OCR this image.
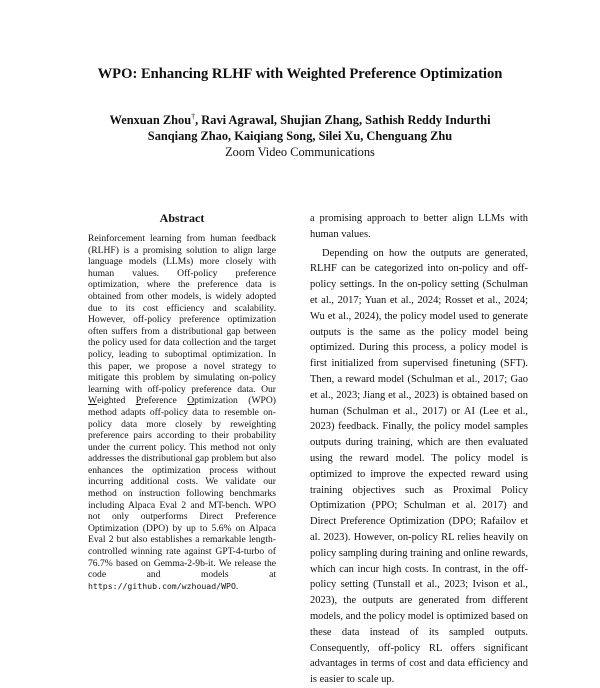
WPO: Enhancing RLHF with Weighted Preference Optimization
Wenxuan Zhou†, Ravi Agrawal, Shujian Zhang, Sathish Reddy Indurthi
Sanqiang Zhao, Kaiqiang Song, Silei Xu, Chenguang Zhu
Zoom Video Communications
Abstract

Reinforcement learning from human feedback (RLHF) is a promising solution to align large language models (LLMs) more closely with human values. Off-policy preference optimization, where the preference data is obtained from other models, is widely adopted due to its cost efficiency and scalability. However, off-policy preference optimization often suffers from a distributional gap between the policy used for data collection and the target policy, leading to suboptimal optimization. In this paper, we propose a novel strategy to mitigate this problem by simulating on-policy learning with off-policy preference data. Our Weighted Preference Optimization (WPO) method adapts off-policy data to resemble on-policy data more closely by reweighting preference pairs according to their probability under the current policy. This method not only addresses the distributional gap problem but also enhances the optimization process without incurring additional costs. We validate our method on instruction following benchmarks including Alpaca Eval 2 and MT-bench. WPO not only outperforms Direct Preference Optimization (DPO) by up to 5.6% on Alpaca Eval 2 but also establishes a remarkable length-controlled winning rate against GPT-4-turbo of 76.7% based on Gemma-2-9b-it. We release the code and models at https://github.com/wzhouad/WPO.

a promising approach to better align LLMs with human values.

Depending on how the outputs are generated, RLHF can be categorized into on-policy and off-policy settings. In the on-policy setting (Schulman et al., 2017; Yuan et al., 2024; Rosset et al., 2024; Wu et al., 2024), the policy model used to generate outputs is the same as the policy model being optimized. During this process, a policy model is first initialized from supervised finetuning (SFT). Then, a reward model (Schulman et al., 2017; Gao et al., 2023; Jiang et al., 2023) is obtained based on human (Schulman et al., 2017) or AI (Lee et al., 2023) feedback. Finally, the policy model samples outputs during training, which are then evaluated using the reward model. The policy model is optimized to improve the expected reward using training objectives such as Proximal Policy Optimization (PPO; Schulman et al. 2017) and Direct Preference Optimization (DPO; Rafailov et al. 2023). However, on-policy RL relies heavily on policy sampling during training and online rewards, which can incur high costs. In contrast, in the off-policy setting (Tunstall et al., 2023; Ivison et al., 2023), the outputs are generated from different models, and the policy model is optimized based on these data instead of its sampled outputs. Consequently, off-policy RL offers significant advantages in terms of cost and data efficiency and is easier to scale up.
